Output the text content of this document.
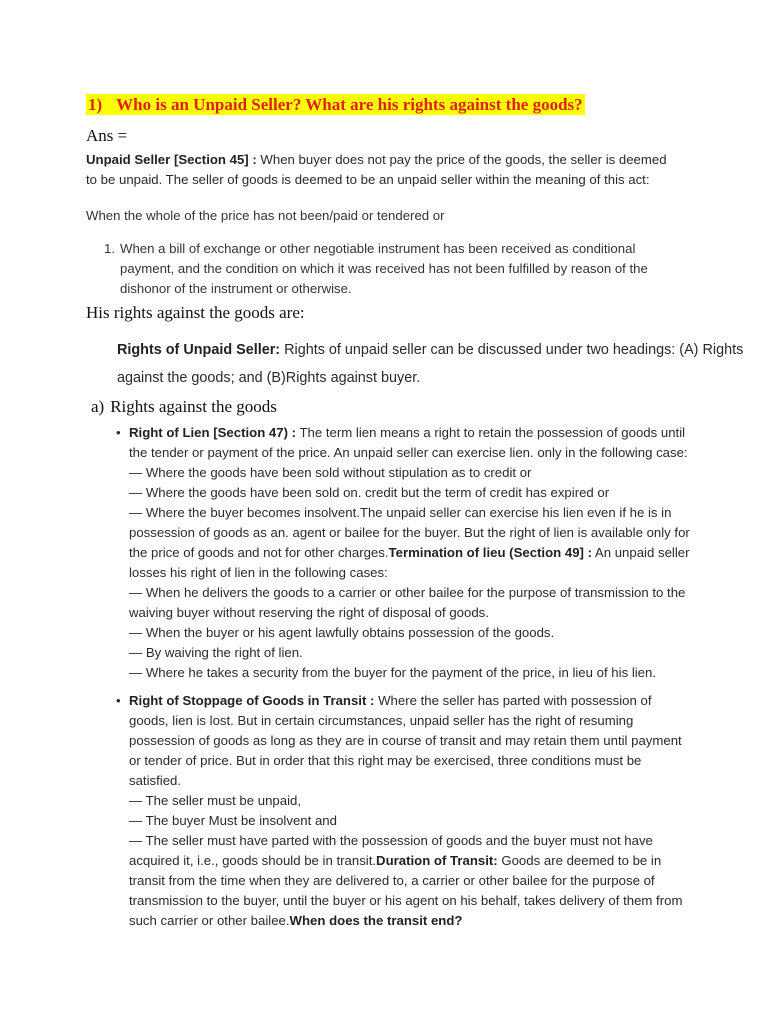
1) Who is an Unpaid Seller? What are his rights against the goods?
Ans =
Unpaid Seller [Section 45] : When buyer does not pay the price of the goods, the seller is deemed
to be unpaid. The seller of goods is deemed to be an unpaid seller within the meaning of this act:
When the whole of the price has not been/paid or tendered or
1. When a bill of exchange or other negotiable instrument has been received as conditional
payment, and the condition on which it was received has not been fulfilled by reason of the
dishonor of the instrument or otherwise.
His rights against the goods are:
Rights of Unpaid Seller: Rights of unpaid seller can be discussed under two headings: (A) Rights
against the goods; and (B)Rights against buyer.
a) Rights against the goods
• Right of Lien [Section 47) : The term lien means a right to retain the possession of goods until
the tender or payment of the price. An unpaid seller can exercise lien. only in the following case:
— Where the goods have been sold without stipulation as to credit or
— Where the goods have been sold on. credit but the term of credit has expired or
— Where the buyer becomes insolvent.The unpaid seller can exercise his lien even if he is in
possession of goods as an. agent or bailee for the buyer. But the right of lien is available only for
the price of goods and not for other charges.Termination of lieu (Section 49] : An unpaid seller
losses his right of lien in the following cases:
— When he delivers the goods to a carrier or other bailee for the purpose of transmission to the
waiving buyer without reserving the right of disposal of goods.
— When the buyer or his agent lawfully obtains possession of the goods.
— By waiving the right of lien.
— Where he takes a security from the buyer for the payment of the price, in lieu of his lien.
• Right of Stoppage of Goods in Transit : Where the seller has parted with possession of
goods, lien is lost. But in certain circumstances, unpaid seller has the right of resuming
possession of goods as long as they are in course of transit and may retain them until payment
or tender of price. But in order that this right may be exercised, three conditions must be
satisfied.
— The seller must be unpaid,
— The buyer Must be insolvent and
— The seller must have parted with the possession of goods and the buyer must not have
acquired it, i.e., goods should be in transit.Duration of Transit: Goods are deemed to be in
transit from the time when they are delivered to, a carrier or other bailee for the purpose of
transmission to the buyer, until the buyer or his agent on his behalf, takes delivery of them from
such carrier or other bailee.When does the transit end?
